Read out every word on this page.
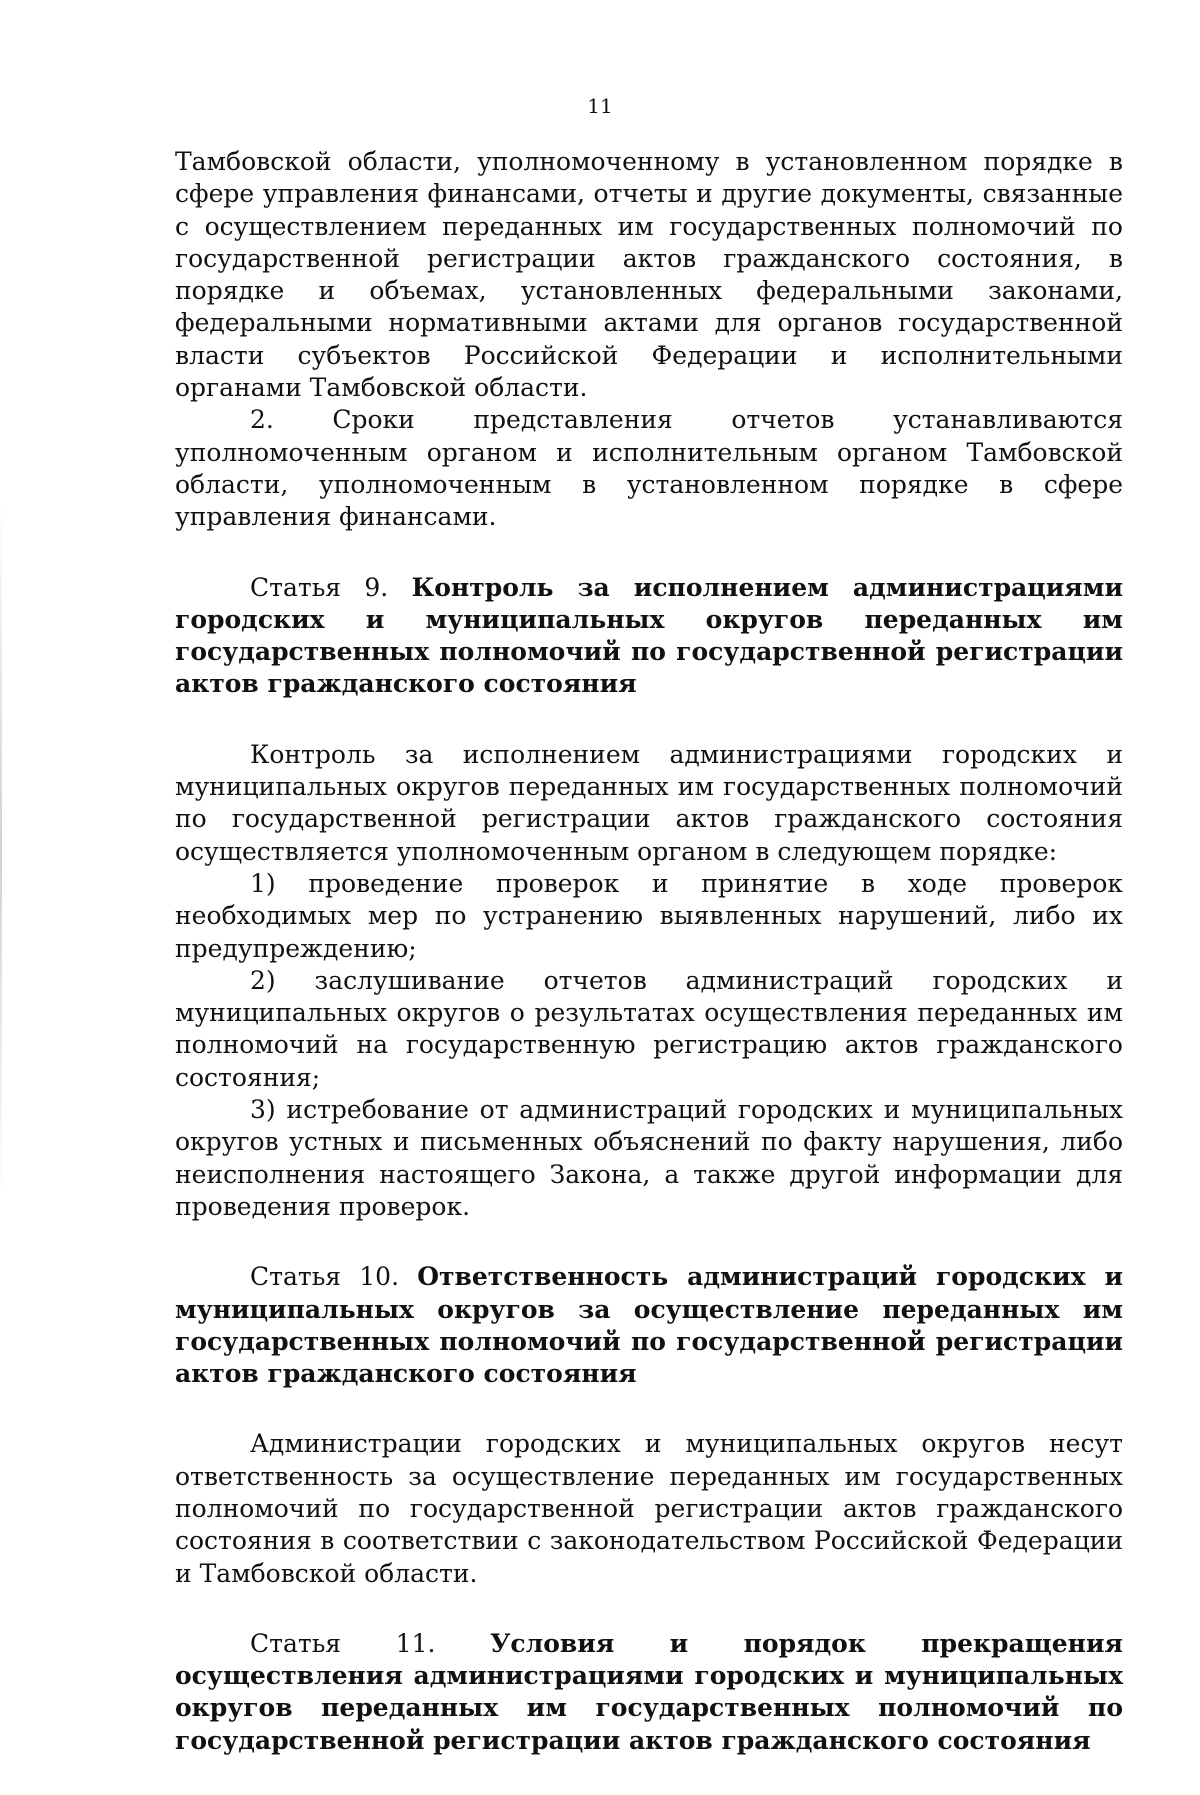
11

Тамбовской области, уполномоченному в установленном порядке в сфере управления финансами, отчеты и другие документы, связанные с осуществлением переданных им государственных полномочий по государственной регистрации актов гражданского состояния, в порядке и объемах, установленных федеральными законами, федеральными нормативными актами для органов государственной власти субъектов Российской Федерации и исполнительными органами Тамбовской области.

2. Сроки представления отчетов устанавливаются уполномоченным органом и исполнительным органом Тамбовской области, уполномоченным в установленном порядке в сфере управления финансами.

Статья 9. Контроль за исполнением администрациями городских и муниципальных округов переданных им государственных полномочий по государственной регистрации актов гражданского состояния

Контроль за исполнением администрациями городских и муниципальных округов переданных им государственных полномочий по государственной регистрации актов гражданского состояния осуществляется уполномоченным органом в следующем порядке:

1) проведение проверок и принятие в ходе проверок необходимых мер по устранению выявленных нарушений, либо их предупреждению;

2) заслушивание отчетов администраций городских и муниципальных округов о результатах осуществления переданных им полномочий на государственную регистрацию актов гражданского состояния;

3) истребование от администраций городских и муниципальных округов устных и письменных объяснений по факту нарушения, либо неисполнения настоящего Закона, а также другой информации для проведения проверок.

Статья 10. Ответственность администраций городских и муниципальных округов за осуществление переданных им государственных полномочий по государственной регистрации актов гражданского состояния

Администрации городских и муниципальных округов несут ответственность за осуществление переданных им государственных полномочий по государственной регистрации актов гражданского состояния в соответствии с законодательством Российской Федерации и Тамбовской области.

Статья 11. Условия и порядок прекращения осуществления администрациями городских и муниципальных округов переданных им государственных полномочий по государственной регистрации актов гражданского состояния
